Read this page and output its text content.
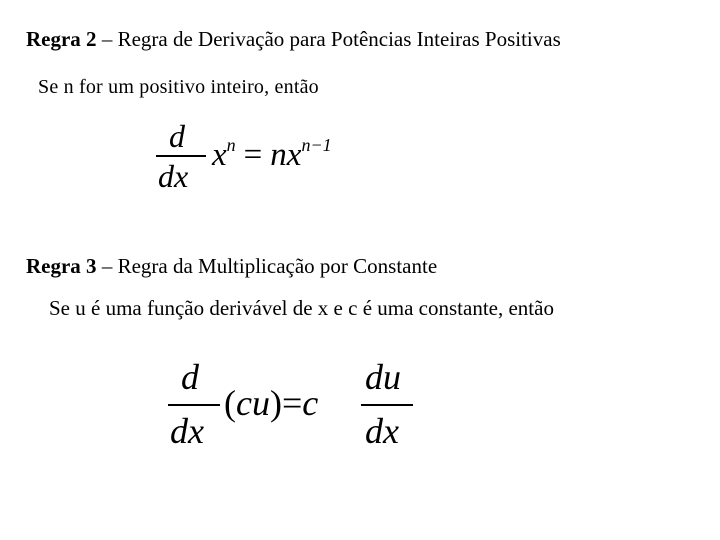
Regra 2 – Regra de Derivação para Potências Inteiras Positivas
Se n for um positivo inteiro, então
d
dx
$x^n = nx^{n-1}$
Regra 3 – Regra da Multiplicação por Constante
Se u é uma função derivável de x e c é uma constante, então
d
dx
(cu)=c
du
dx
